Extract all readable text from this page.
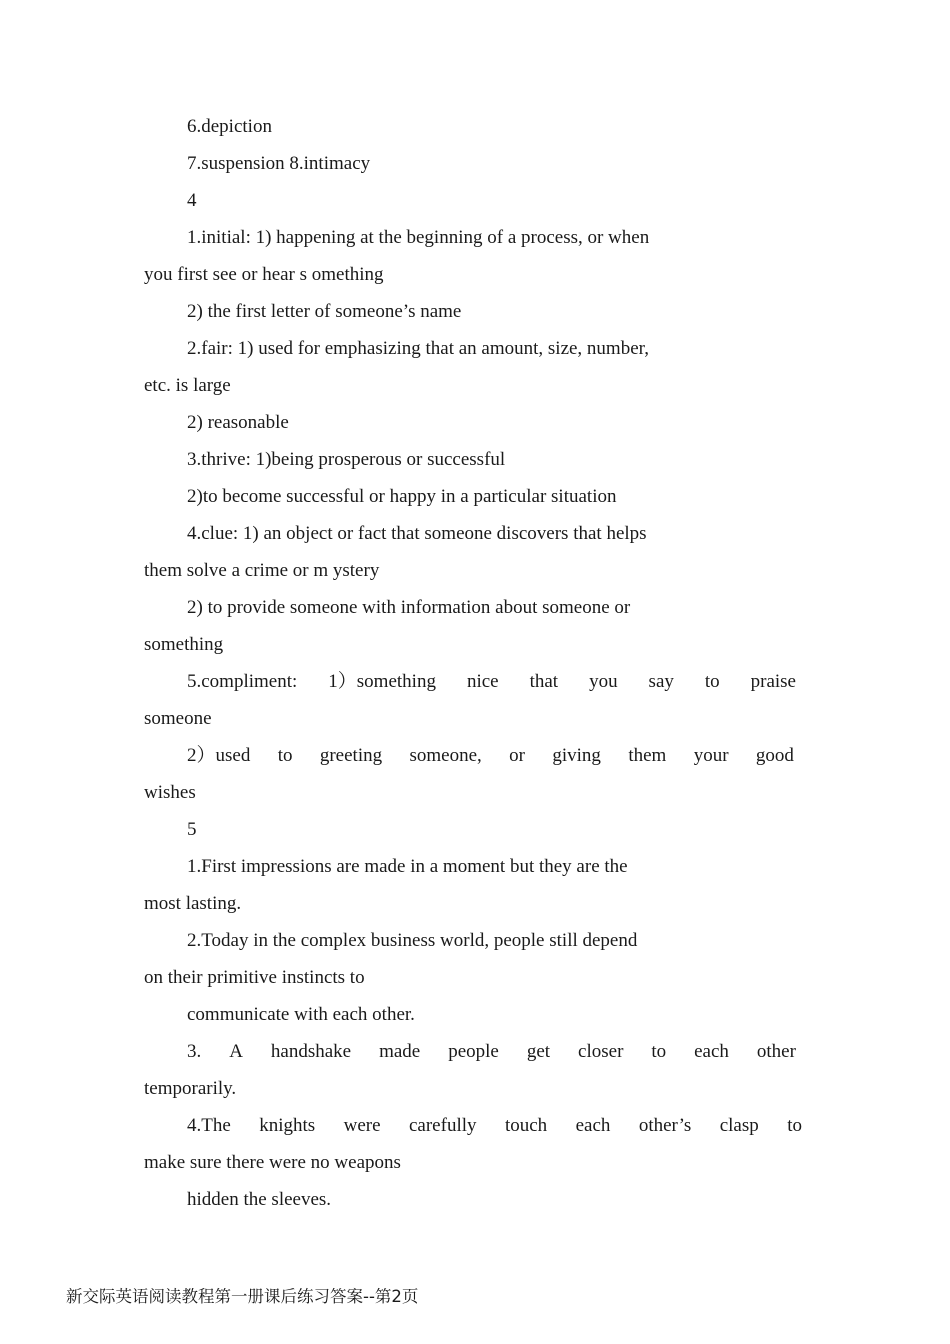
6.depiction
7.suspension 8.intimacy
4
1.initial: 1) happening at the beginning of a process, or when
you first see or hear s omething
2) the first letter of someone’s name
2.fair: 1) used for emphasizing that an amount, size, number,
etc. is large
2) reasonable
3.thrive: 1)being prosperous or successful
2)to become successful or happy in a particular situation
4.clue: 1) an object or fact that someone discovers that helps
them solve a crime or m ystery
2) to provide someone with information about someone or
something
5.compliment: 1）something nice that you say to praise
someone
2）used to greeting someone, or giving them your good
wishes
5
1.First impressions are made in a moment but they are the
most lasting.
2.Today in the complex business world, people still depend
on their primitive instincts to
communicate with each other.
3. A handshake made people get closer to each other
temporarily.
4.The knights were carefully touch each other’s clasp to
make sure there were no weapons
hidden the sleeves.
新交际英语阅读教程第一册课后练习答案--第2页
